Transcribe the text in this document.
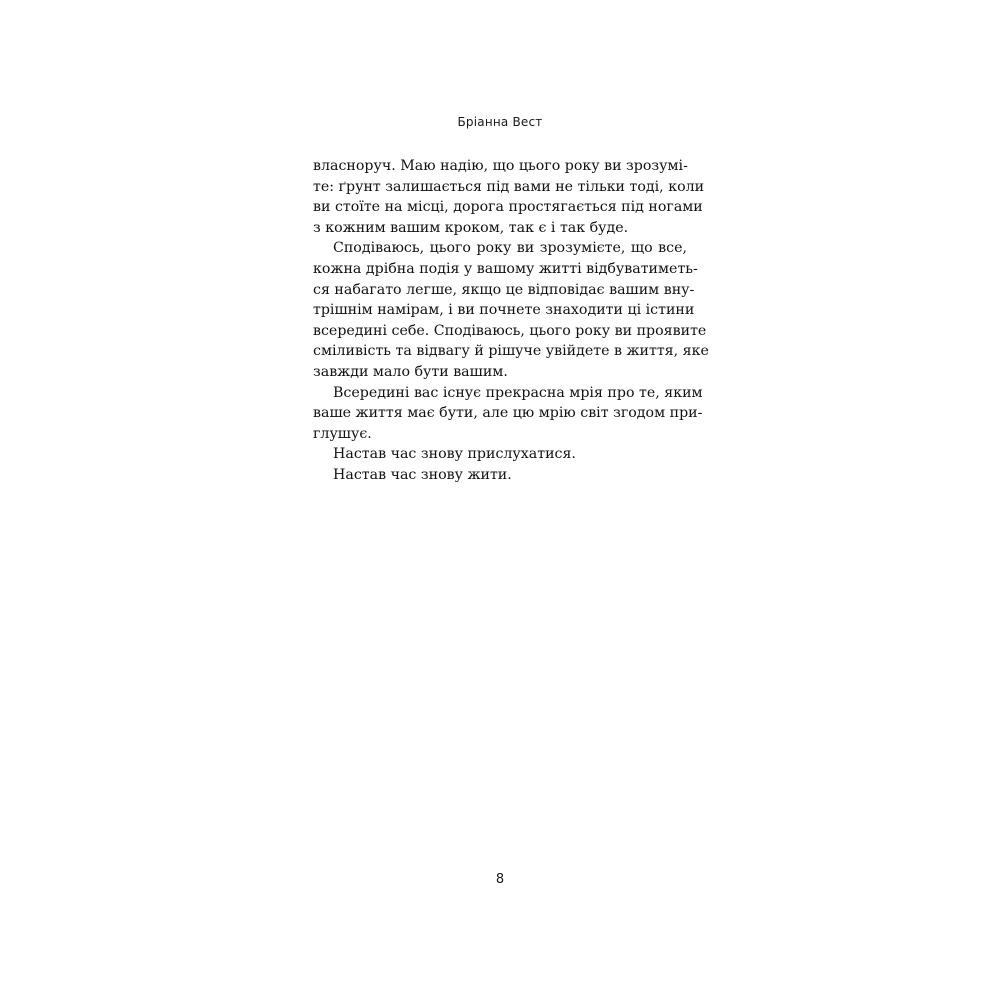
Бріанна Вест
власноруч. Маю надію, що цього року ви зрозумі-
те: ґрунт залишається під вами не тільки тоді, коли
ви стоїте на місці, дорога простягається під ногами
з кожним вашим кроком, так є і так буде.
Сподіваюсь, цього року ви зрозумієте, що все,
кожна дрібна подія у вашому житті відбуватиметь-
ся набагато легше, якщо це відповідає вашим вну-
трішнім намірам, і ви почнете знаходити ці істини
всередині себе. Сподіваюсь, цього року ви проявите
сміливість та відвагу й рішуче увійдете в життя, яке
завжди мало бути вашим.
Всередині вас існує прекрасна мрія про те, яким
ваше життя має бути, але цю мрію світ згодом при-
глушує.
Настав час знову прислухатися.
Настав час знову жити.
8
